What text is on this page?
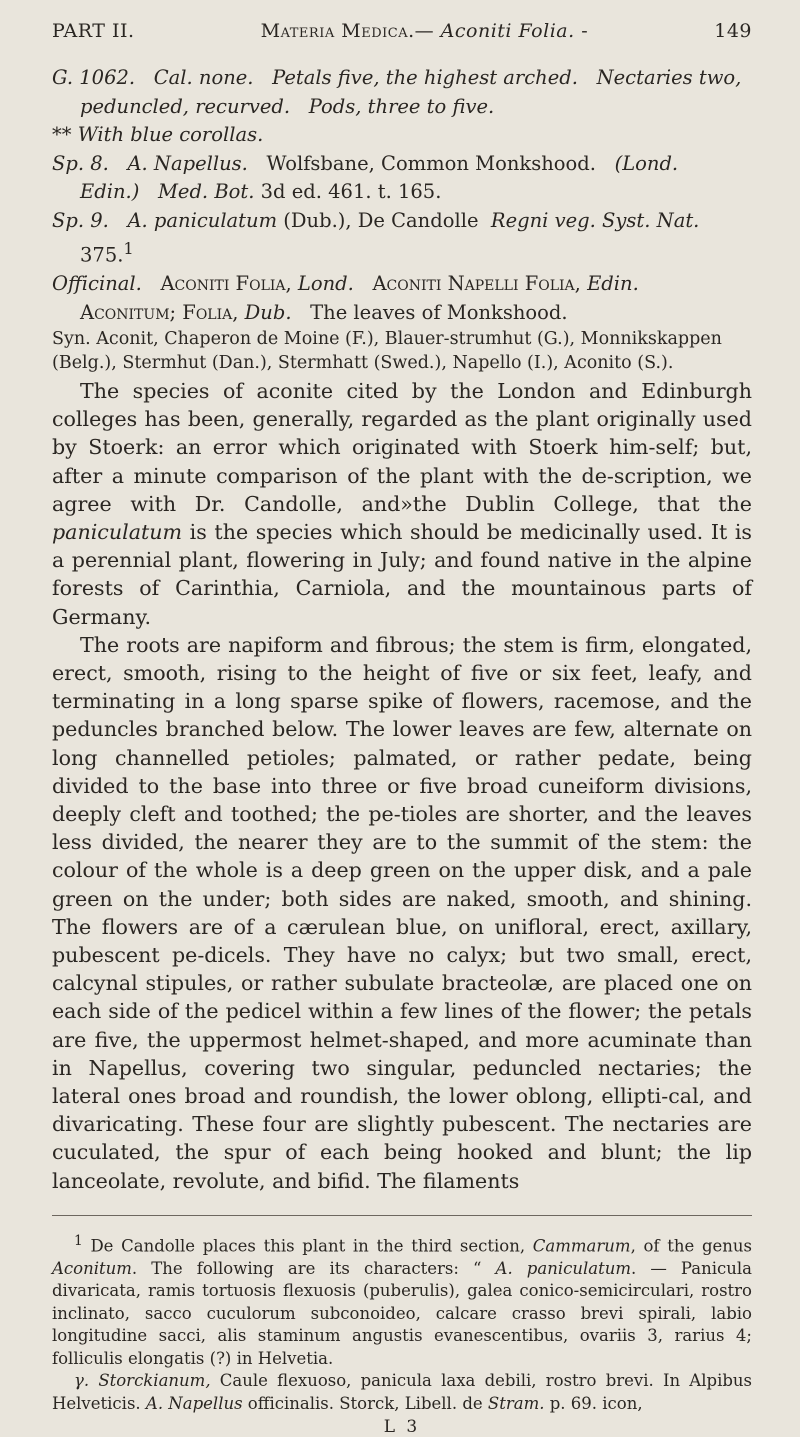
PART II.	Materia Medica.— Aconiti Folia. -	149

G. 1062. Cal. none. Petals five, the highest arched. Nectaries two, peduncled, recurved. Pods, three to five.

** With blue corollas.

Sp. 8. A. Napellus. Wolfsbane, Common Monkshood. (Lond. Edin.) Med. Bot. 3d ed. 461. t. 165.

Sp. 9. A. paniculatum (Dub.), De Candolle Regni veg. Syst. Nat. 375.$^1$

Officinal. Aconiti Folia, Lond. Aconiti Napelli Folia, Edin.   Aconitum; Folia, Dub. The leaves of Monkshood.

Syn. Aconit, Chaperon de Moine (F.), Blauer-strumhut (G.), Monnikskappen (Belg.), Stermhut (Dan.), Stermhatt (Swed.), Napello (I.), Aconito (S.).

The species of aconite cited by the London and Edinburgh colleges has been, generally, regarded as the plant originally used by Stoerk: an error which originated with Stoerk him-self; but, after a minute comparison of the plant with the de-scription, we agree with Dr. Candolle, and»the Dublin College, that the paniculatum is the species which should be medicinally used. It is a perennial plant, flowering in July; and found native in the alpine forests of Carinthia, Carniola, and the mountainous parts of Germany.

The roots are napiform and fibrous; the stem is firm, elongated, erect, smooth, rising to the height of five or six feet, leafy, and terminating in a long sparse spike of flowers, racemose, and the peduncles branched below. The lower leaves are few, alternate on long channelled petioles; palmated, or rather pedate, being divided to the base into three or five broad cuneiform divisions, deeply cleft and toothed; the pe-tioles are shorter, and the leaves less divided, the nearer they are to the summit of the stem: the colour of the whole is a deep green on the upper disk, and a pale green on the under; both sides are naked, smooth, and shining. The flowers are of a cærulean blue, on unifloral, erect, axillary, pubescent pe-dicels. They have no calyx; but two small, erect, calcynal stipules, or rather subulate bracteolæ, are placed one on each side of the pedicel within a few lines of the flower; the petals are five, the uppermost helmet-shaped, and more acuminate than in Napellus, covering two singular, peduncled nectaries; the lateral ones broad and roundish, the lower oblong, ellipti-cal, and divaricating. These four are slightly pubescent. The nectaries are cuculated, the spur of each being hooked and blunt; the lip lanceolate, revolute, and bifid. The filaments

$^1$ De Candolle places this plant in the third section, Cammarum, of the genus Aconitum. The following are its characters: “ A. paniculatum. — Panicula divaricata, ramis tortuosis flexuosis (puberulis), galea conico-semicirculari, rostro inclinato, sacco cuculorum subconoideo, calcare crasso brevi spirali, labio longitudine sacci, alis staminum angustis evanescentibus, ovariis 3, rarius 4; folliculis elongatis (?) in Helvetia.

γ. Storckianum, Caule flexuoso, panicula laxa debili, rostro brevi. In Alpibus Helveticis. A. Napellus officinalis. Storck, Libell. de Stram. p. 69. icon,

L 3
